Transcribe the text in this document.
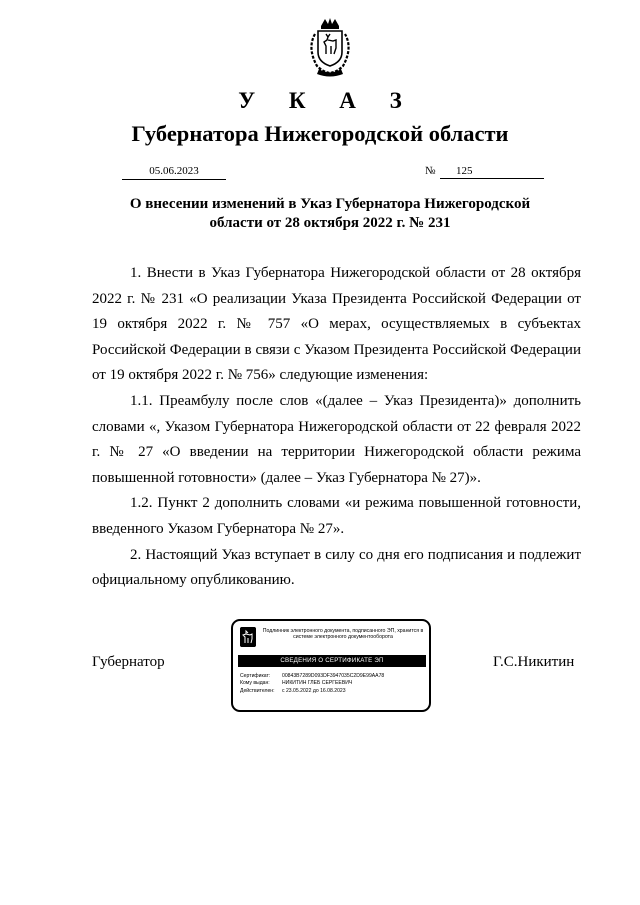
У К А З
Губернатора Нижегородской области
05.06.2023	№	125
О внесении изменений в Указ Губернатора Нижегородской области от 28 октября 2022 г. № 231

1. Внести в Указ Губернатора Нижегородской области от 28 октября 2022 г. № 231 «О реализации Указа Президента Российской Федерации от 19 октября 2022 г. № 757 «О мерах, осуществляемых в субъектах Российской Федерации в связи с Указом Президента Российской Федерации от 19 октября 2022 г. № 756» следующие изменения:

1.1. Преамбулу после слов «(далее – Указ Президента)» дополнить словами «, Указом Губернатора Нижегородской области от 22 февраля 2022 г. № 27 «О введении на территории Нижегородской области режима повышенной готовности» (далее – Указ Губернатора № 27)».

1.2. Пункт 2 дополнить словами «и режима повышенной готовности, введенного Указом Губернатора № 27».

2. Настоящий Указ вступает в силу со дня его подписания и подлежит официальному опубликованию.

Губернатор
Подлинник электронного документа, подписанного ЭП, хранится в системе электронного документооборота
СВЕДЕНИЯ О СЕРТИФИКАТЕ ЭП
Сертификат: 00843B7289D093DF3947035C2D9E99AA78
Кому выдан: НИКИТИН ГЛЕБ СЕРГЕЕВИЧ
Действителен: с 23.05.2022 до 16.08.2023
Г.С.Никитин
